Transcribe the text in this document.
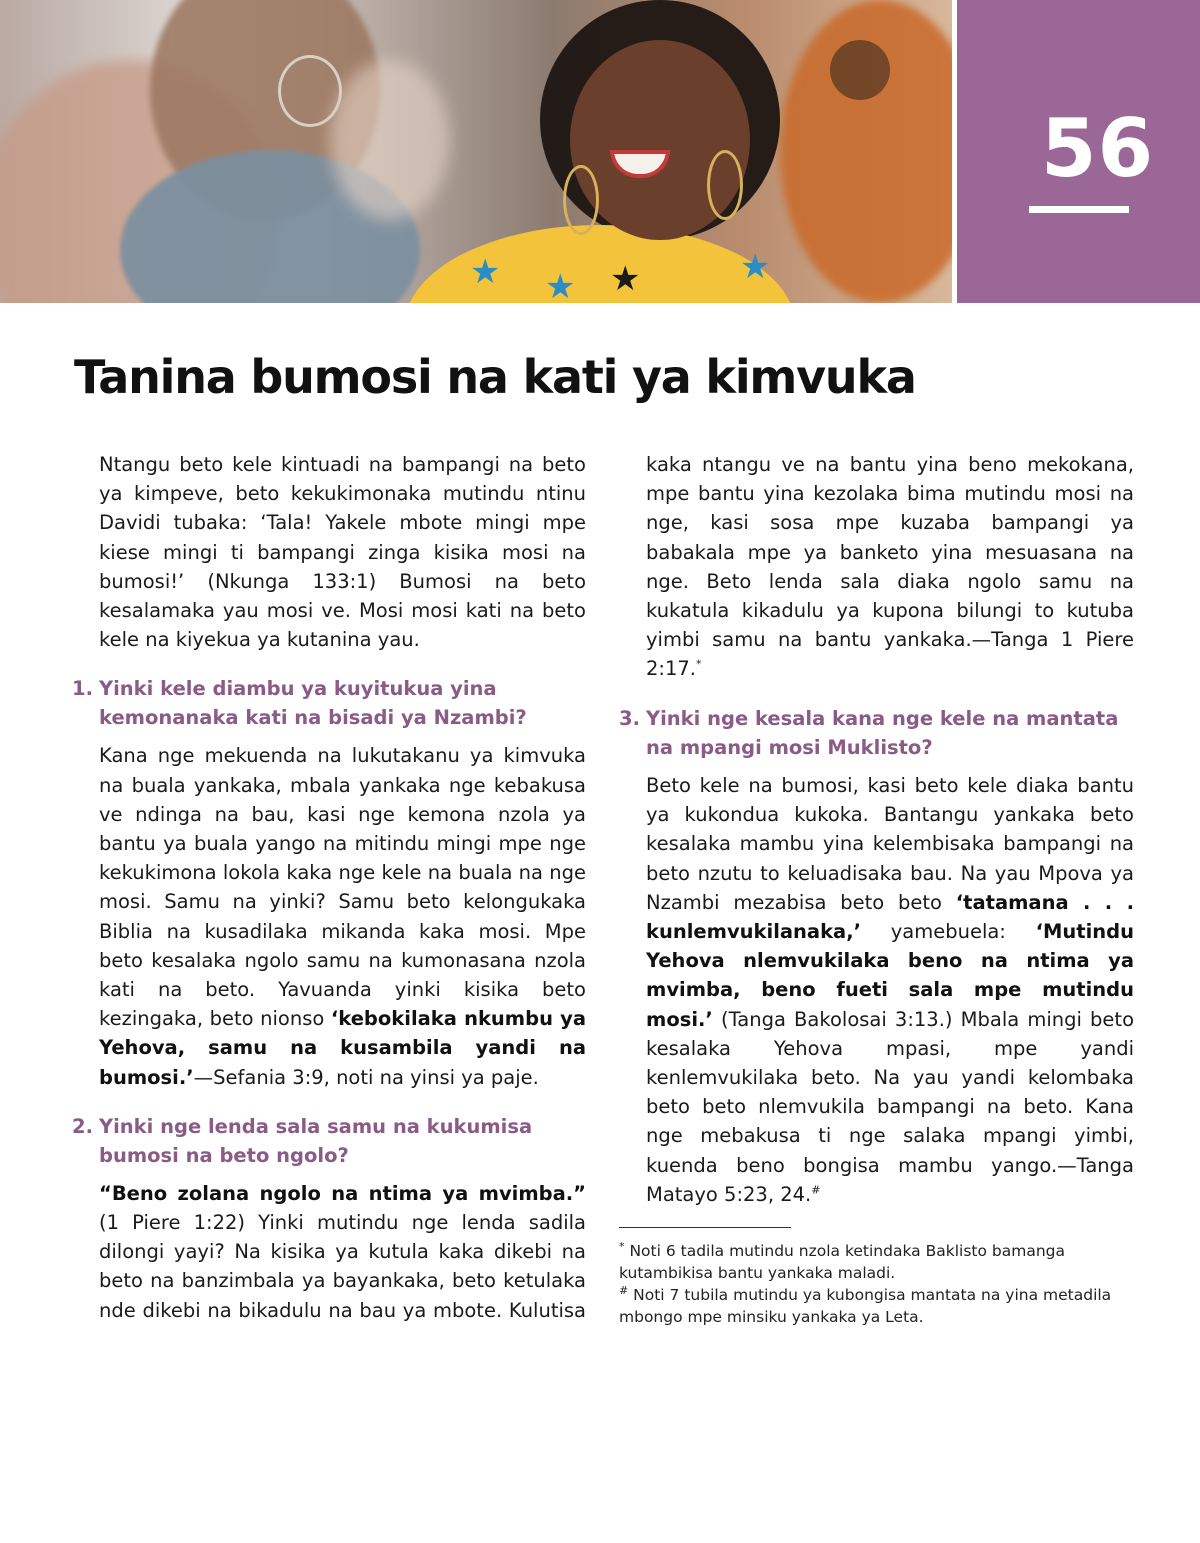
★ ★
★
★
56
Tanina bumosi na kati ya kimvuka

Ntangu beto kele kintuadi na bampangi na beto ya kimpeve, beto kekukimonaka mutindu ntinu Davidi tubaka: ‘Tala! Yakele mbote mingi mpe kiese mingi ti bampangi zinga kisika mosi na bumosi!’ (Nkunga 133:1) Bumosi na beto kesalamaka yau mosi ve. Mosi mosi kati na beto kele na kiyekua ya kutanina yau.

1. Yinki kele diambu ya kuyitukua yina kemonanaka kati na bisadi ya Nzambi?

Kana nge mekuenda na lukutakanu ya kimvuka na buala yankaka, mbala yankaka nge kebakusa ve ndinga na bau, kasi nge kemona nzola ya bantu ya buala yango na mitindu mingi mpe nge kekukimona lokola kaka nge kele na buala na nge mosi. Samu na yinki? Samu beto kelongukaka Biblia na kusadilaka mikanda kaka mosi. Mpe beto kesalaka ngolo samu na kumonasana nzola kati na beto. Yavuanda yinki kisika beto kezingaka, beto nionso ‘kebokilaka nkumbu ya Yehova, samu na kusambila yandi na bumosi.’—Sefania 3:9, noti na yinsi ya paje.

2. Yinki nge lenda sala samu na kukumisa bumosi na beto ngolo?

“Beno zolana ngolo na ntima ya mvimba.” (1 Piere 1:22) Yinki mutindu nge lenda sadila dilongi yayi? Na kisika ya kutula kaka dikebi na beto na banzimbala ya bayankaka, beto ketulaka nde dikebi na bikadulu na bau ya mbote. Kulutisa

kaka ntangu ve na bantu yina beno mekokana, mpe bantu yina kezolaka bima mutindu mosi na nge, kasi sosa mpe kuzaba bampangi ya babakala mpe ya banketo yina mesuasana na nge. Beto lenda sala diaka ngolo samu na kukatula kikadulu ya kupona bilungi to kutuba yimbi samu na bantu yankaka.—Tanga 1 Piere 2:17.*

3. Yinki nge kesala kana nge kele na mantata na mpangi mosi Muklisto?

Beto kele na bumosi, kasi beto kele diaka bantu ya kukondua kukoka. Bantangu yankaka beto kesalaka mambu yina kelembisaka bampangi na beto nzutu to keluadisaka bau. Na yau Mpova ya Nzambi mezabisa beto beto ‘tatamana . . . kunlemvukilanaka,’ yamebuela: ‘Mutindu Yehova nlemvukilaka beno na ntima ya mvimba, beno fueti sala mpe mutindu mosi.’ (Tanga Bakolosai 3:13.) Mbala mingi beto kesalaka Yehova mpasi, mpe yandi kenlemvukilaka beto. Na yau yandi kelombaka beto beto nlemvukila bampangi na beto. Kana nge mebakusa ti nge salaka mpangi yimbi, kuenda beno bongisa mambu yango.—Tanga Matayo 5:23, 24.#

* Noti 6 tadila mutindu nzola ketindaka Baklisto bamanga kutambikisa bantu yankaka maladi.

# Noti 7 tubila mutindu ya kubongisa mantata na yina metadila mbongo mpe minsiku yankaka ya Leta.
